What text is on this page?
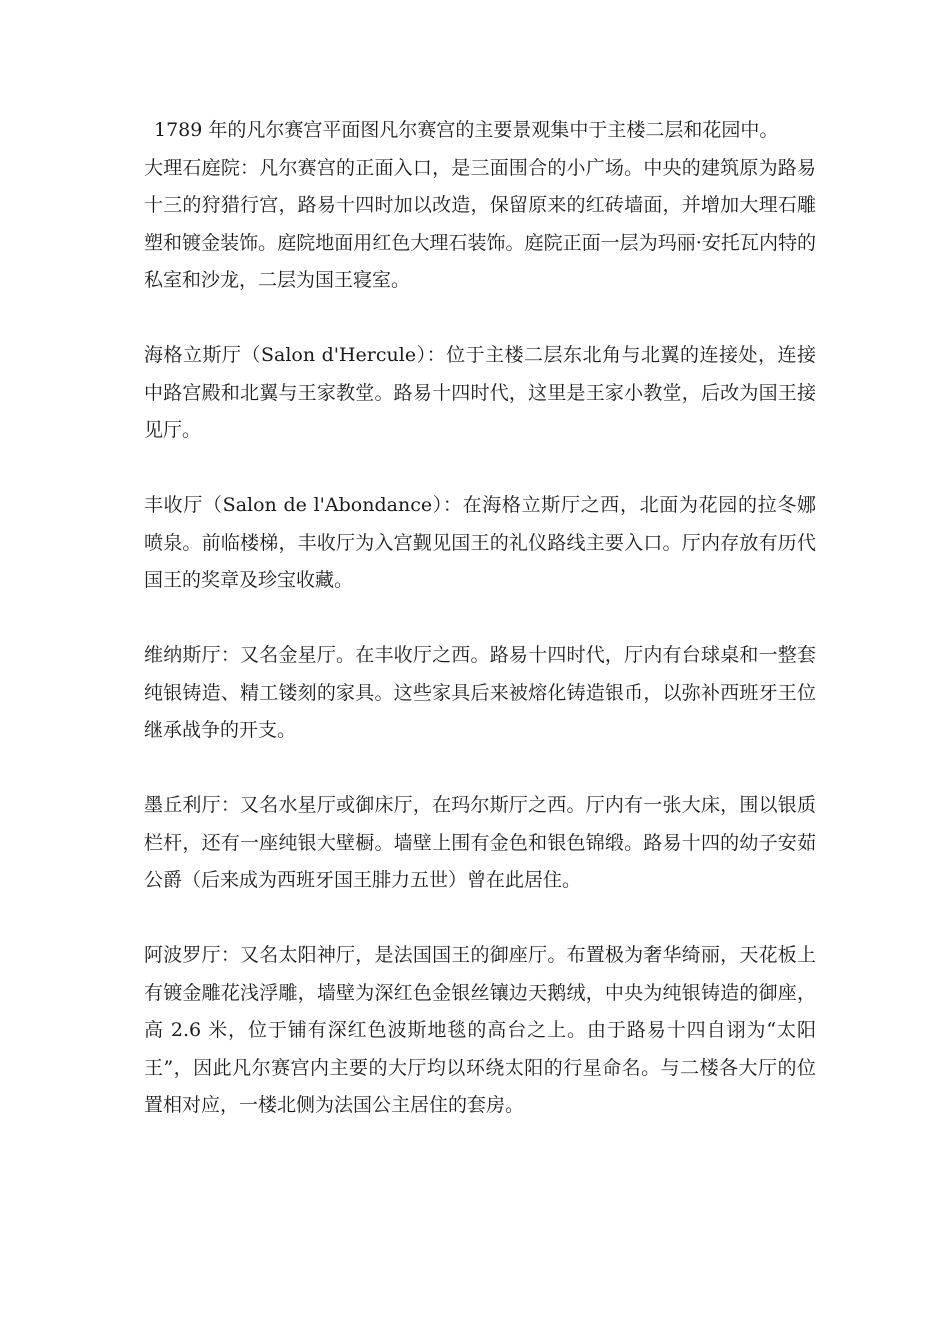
1789 年的凡尔赛宫平面图凡尔赛宫的主要景观集中于主楼二层和花园中。

大理石庭院：凡尔赛宫的正面入口，是三面围合的小广场。中央的建筑原为路易十三的狩猎行宫，路易十四时加以改造，保留原来的红砖墙面，并增加大理石雕塑和镀金装饰。庭院地面用红色大理石装饰。庭院正面一层为玛丽·安托瓦内特的私室和沙龙，二层为国王寝室。

海格立斯厅（Salon d'Hercule）：位于主楼二层东北角与北翼的连接处，连接中路宫殿和北翼与王家教堂。路易十四时代，这里是王家小教堂，后改为国王接见厅。

丰收厅（Salon de l'Abondance）：在海格立斯厅之西，北面为花园的拉冬娜喷泉。前临楼梯，丰收厅为入宫觐见国王的礼仪路线主要入口。厅内存放有历代国王的奖章及珍宝收藏。

维纳斯厅：又名金星厅。在丰收厅之西。路易十四时代，厅内有台球桌和一整套纯银铸造、精工镂刻的家具。这些家具后来被熔化铸造银币，以弥补西班牙王位继承战争的开支。

墨丘利厅：又名水星厅或御床厅，在玛尔斯厅之西。厅内有一张大床，围以银质栏杆，还有一座纯银大壁橱。墙壁上围有金色和银色锦缎。路易十四的幼子安茹公爵（后来成为西班牙国王腓力五世）曾在此居住。

阿波罗厅：又名太阳神厅，是法国国王的御座厅。布置极为奢华绮丽，天花板上有镀金雕花浅浮雕，墙壁为深红色金银丝镶边天鹅绒，中央为纯银铸造的御座，高 2.6 米，位于铺有深红色波斯地毯的高台之上。由于路易十四自诩为“太阳王”，因此凡尔赛宫内主要的大厅均以环绕太阳的行星命名。与二楼各大厅的位置相对应，一楼北侧为法国公主居住的套房。
